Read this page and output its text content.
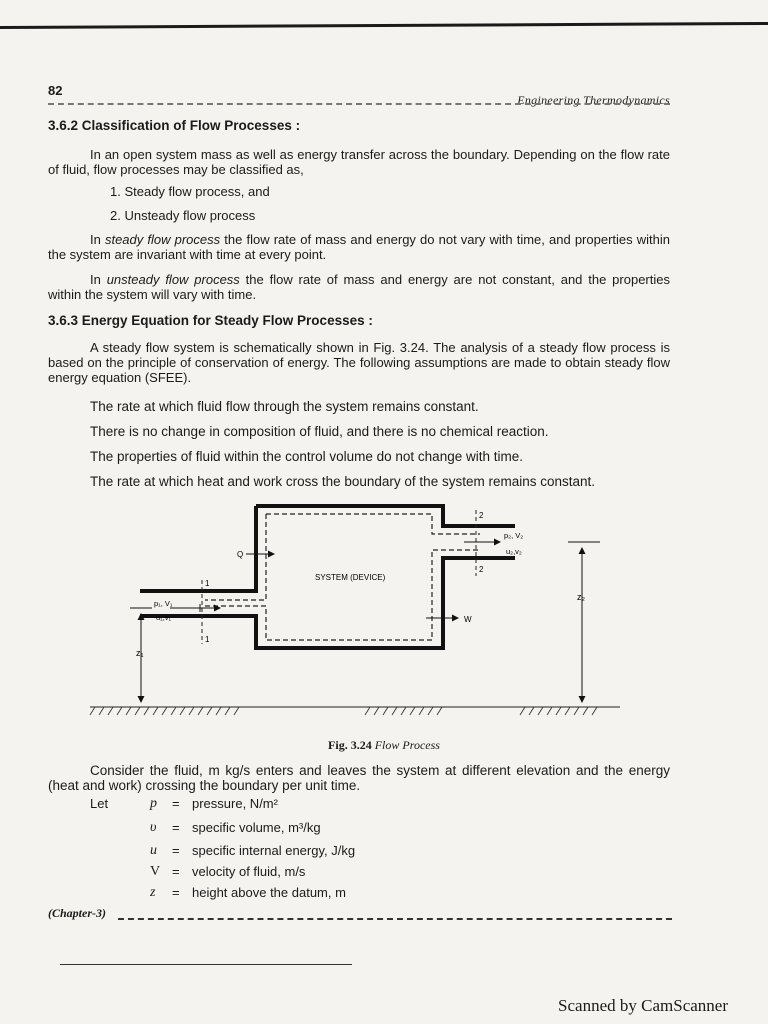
82
Engineering Thermodynamics
3.6.2 Classification of Flow Processes :
In an open system mass as well as energy transfer across the boundary. Depending on the flow rate of fluid, flow processes may be classified as,
1. Steady flow process, and
2. Unsteady flow process
In steady flow process the flow rate of mass and energy do not vary with time, and properties within the system are invariant with time at every point.
In unsteady flow process the flow rate of mass and energy are not constant, and the properties within the system will vary with time.
3.6.3 Energy Equation for Steady Flow Processes :
A steady flow system is schematically shown in Fig. 3.24. The analysis of a steady flow process is based on the principle of conservation of energy. The following assumptions are made to obtain steady flow energy equation (SFEE).
The rate at which fluid flow through the system remains constant.
There is no change in composition of fluid, and there is no chemical reaction.
The properties of fluid within the control volume do not change with time.
The rate at which heat and work cross the boundary of the system remains constant.
1
1
2
2
p₁, V₁
u₁,v₁
p₂, V₂
u₂,v₂
Q
W
SYSTEM (DEVICE)
z₁
z₂
Fig. 3.24 Flow Process
Consider the fluid, m kg/s enters and leaves the system at different elevation and the energy (heat and work) crossing the boundary per unit time.
Let	p = pressure, N/m²
υ = specific volume, m³/kg
u = specific internal energy, J/kg
V = velocity of fluid, m/s
z = height above the datum, m
(Chapter-3)
Scanned by CamScanner
